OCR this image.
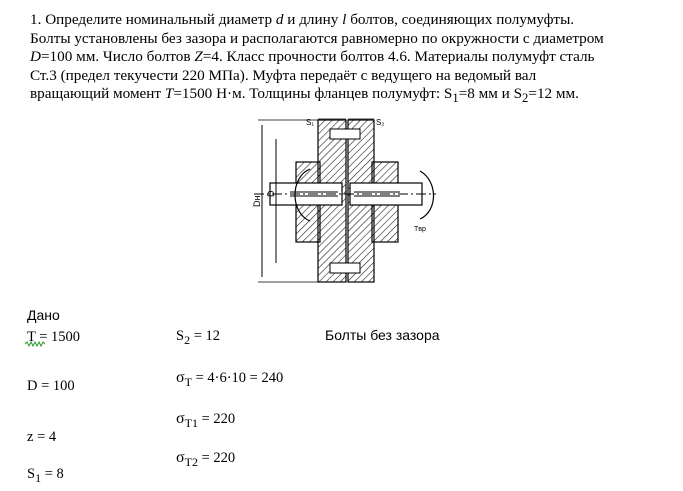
1. Определите номинальный диаметр d и длину l болтов, соединяющих полумуфты.
Болты установлены без зазора и располагаются равномерно по окружности с диаметром
D=100 мм. Число болтов Z=4. Класс прочности болтов 4.6. Материалы полумуфт сталь
Ст.3 (предел текучести 220 МПа). Муфта передаёт с ведущего на ведомый вал
вращающий момент T=1500 Н·м. Толщины фланцев полумуфт: $S_1=8$ мм и $S_2=12$ мм.

S₁	S₂
Dн
D
Tвр
Дано
T = 1500
D = 100
z = 4
$S_1 = 8$
$S_2 = 12$
$\sigma_T = 4\cdot 6\cdot 10 = 240$
$\sigma_{T1} = 220$
$\sigma_{T2} = 220$
Болты без зазора
